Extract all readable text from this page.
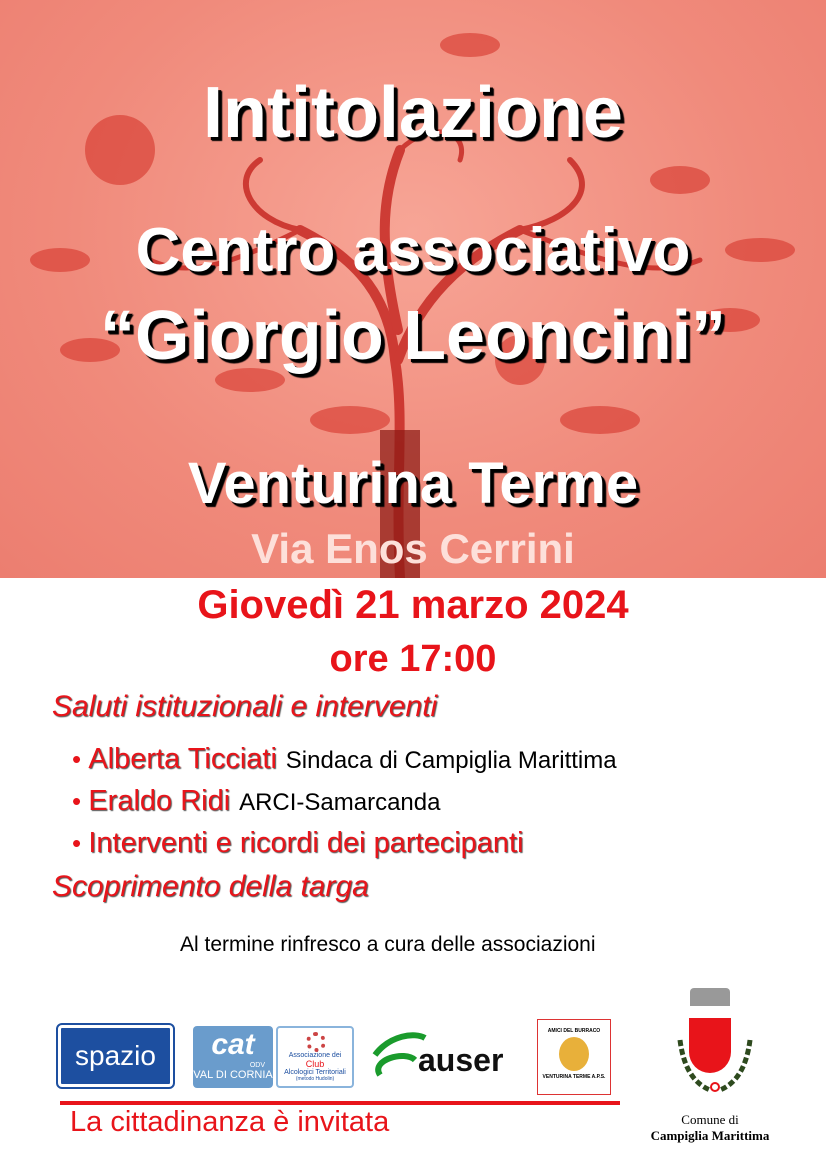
Intitolazione
Centro associativo
“Giorgio Leoncini”
Venturina Terme
Via Enos Cerrini
Giovedì 21 marzo 2024
ore 17:00
Saluti istituzionali e interventi
• Alberta Ticciati Sindaca di Campiglia Marittima
• Eraldo Ridi ARCI-Samarcanda
• Interventi e ricordi dei partecipanti
Scoprimento della targa
Al termine rinfresco a cura delle associazioni
spazio	cat
ODV
VAL DI CORNIA
Associazione dei
Club
Alcologici Territoriali
(metodo Hudolin)
auser
AMICI DEL BURRACO
VENTURINA TERME A.P.S.
La cittadinanza è invitata	Comune di
Campiglia Marittima
